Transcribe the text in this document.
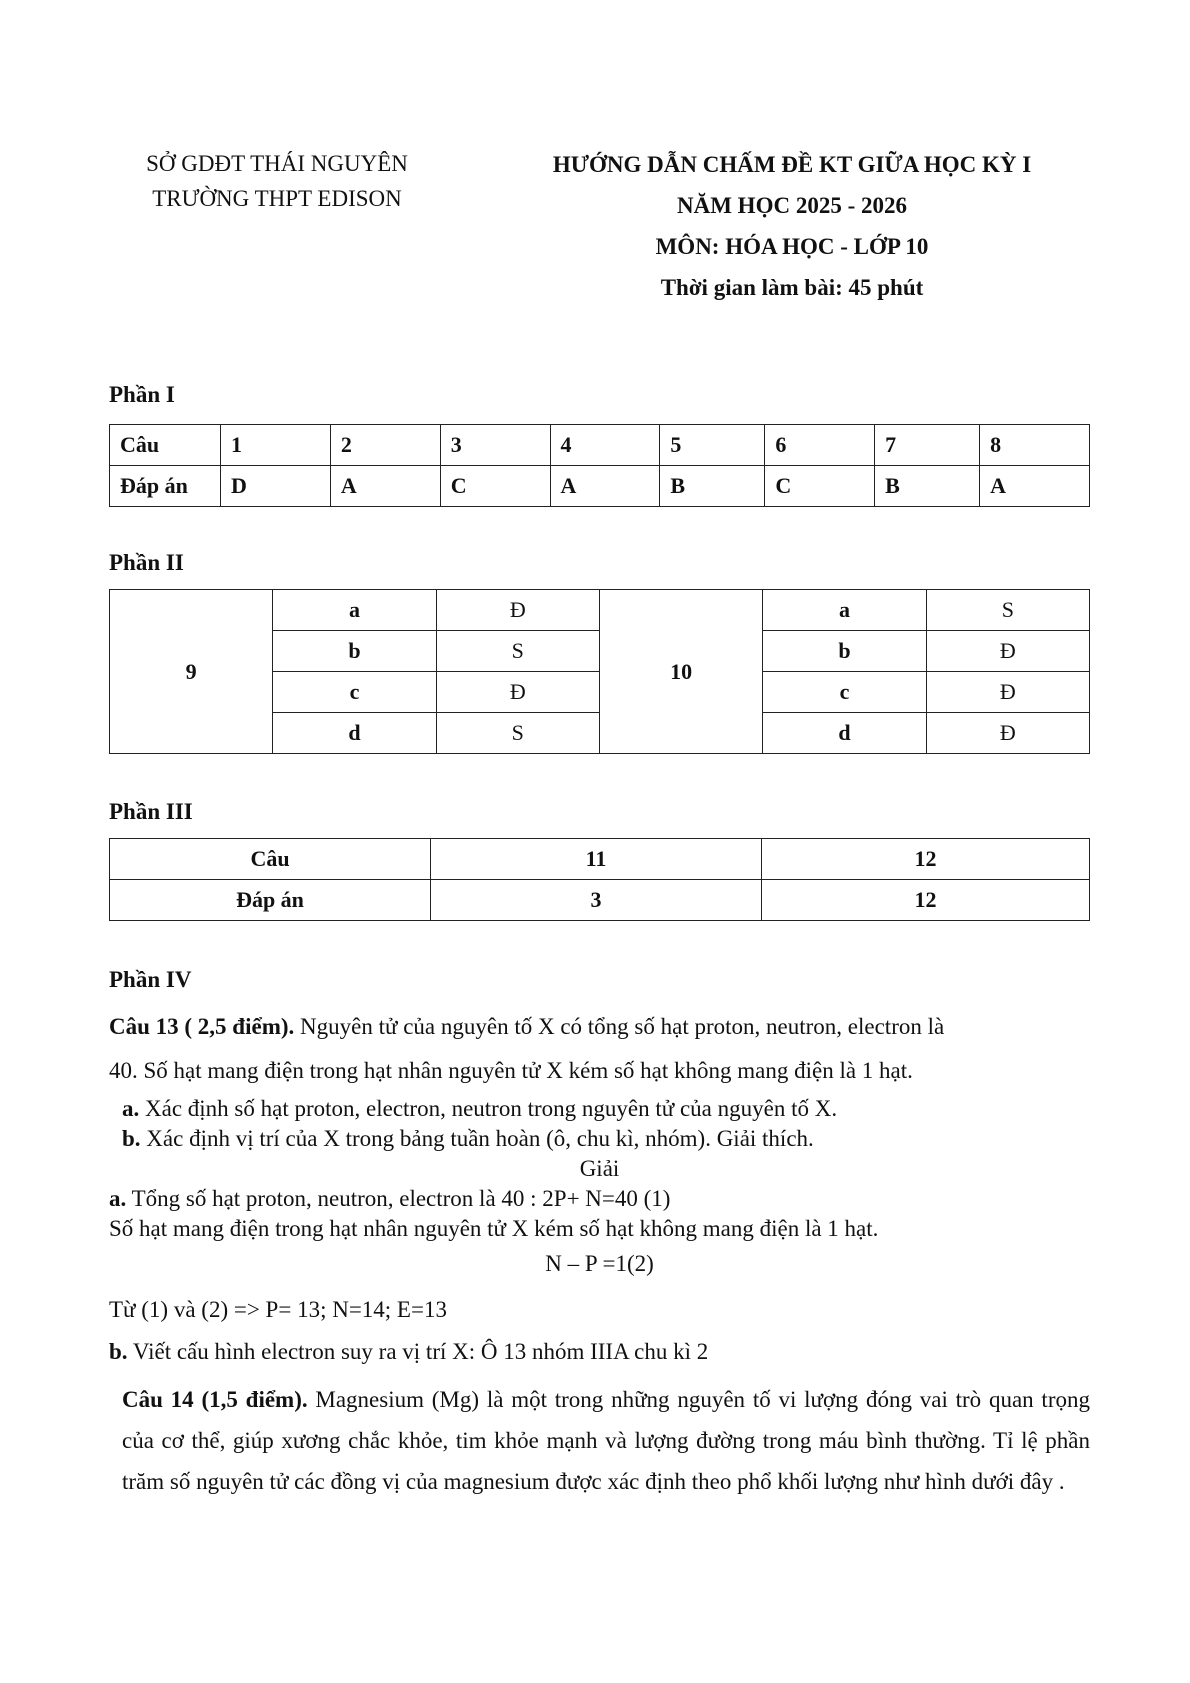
SỞ GDĐT THÁI NGUYÊN
TRƯỜNG THPT EDISON
HƯỚNG DẪN CHẤM ĐỀ KT GIỮA HỌC KỲ I
NĂM HỌC 2025 - 2026
MÔN: HÓA HỌC - LỚP 10
Thời gian làm bài: 45 phút
Phần I
Câu	1	2	3	4	5	6	7	8
Đáp án	D	A	C	A	B	C	B	A
Phần II
9	a	Đ	10	a	S
	b	S		b	Đ
	c	Đ		c	Đ
	d	S		d	Đ
Phần III
Câu	11	12
Đáp án	3	12
Phần IV
Câu 13 ( 2,5 điểm). Nguyên tử của nguyên tố X có tổng số hạt proton, neutron, electron là
40. Số hạt mang điện trong hạt nhân nguyên tử X kém số hạt không mang điện là 1 hạt.
a. Xác định số hạt proton, electron, neutron trong nguyên tử của nguyên tố X.
b. Xác định vị trí của X trong bảng tuần hoàn (ô, chu kì, nhóm). Giải thích.
Giải
a. Tổng số hạt proton, neutron, electron là 40 : 2P+ N=40 (1)
Số hạt mang điện trong hạt nhân nguyên tử X kém số hạt không mang điện là 1 hạt.
N – P =1(2)
Từ (1) và (2) => P= 13; N=14; E=13
b. Viết cấu hình electron suy ra vị trí X: Ô 13 nhóm IIIA chu kì 2
Câu 14 (1,5 điểm). Magnesium (Mg) là một trong những nguyên tố vi lượng đóng vai trò quan trọng của cơ thể, giúp xương chắc khỏe, tim khỏe mạnh và lượng đường trong máu bình thường. Tỉ lệ phần trăm số nguyên tử các đồng vị của magnesium được xác định theo phổ khối lượng như hình dưới đây .
